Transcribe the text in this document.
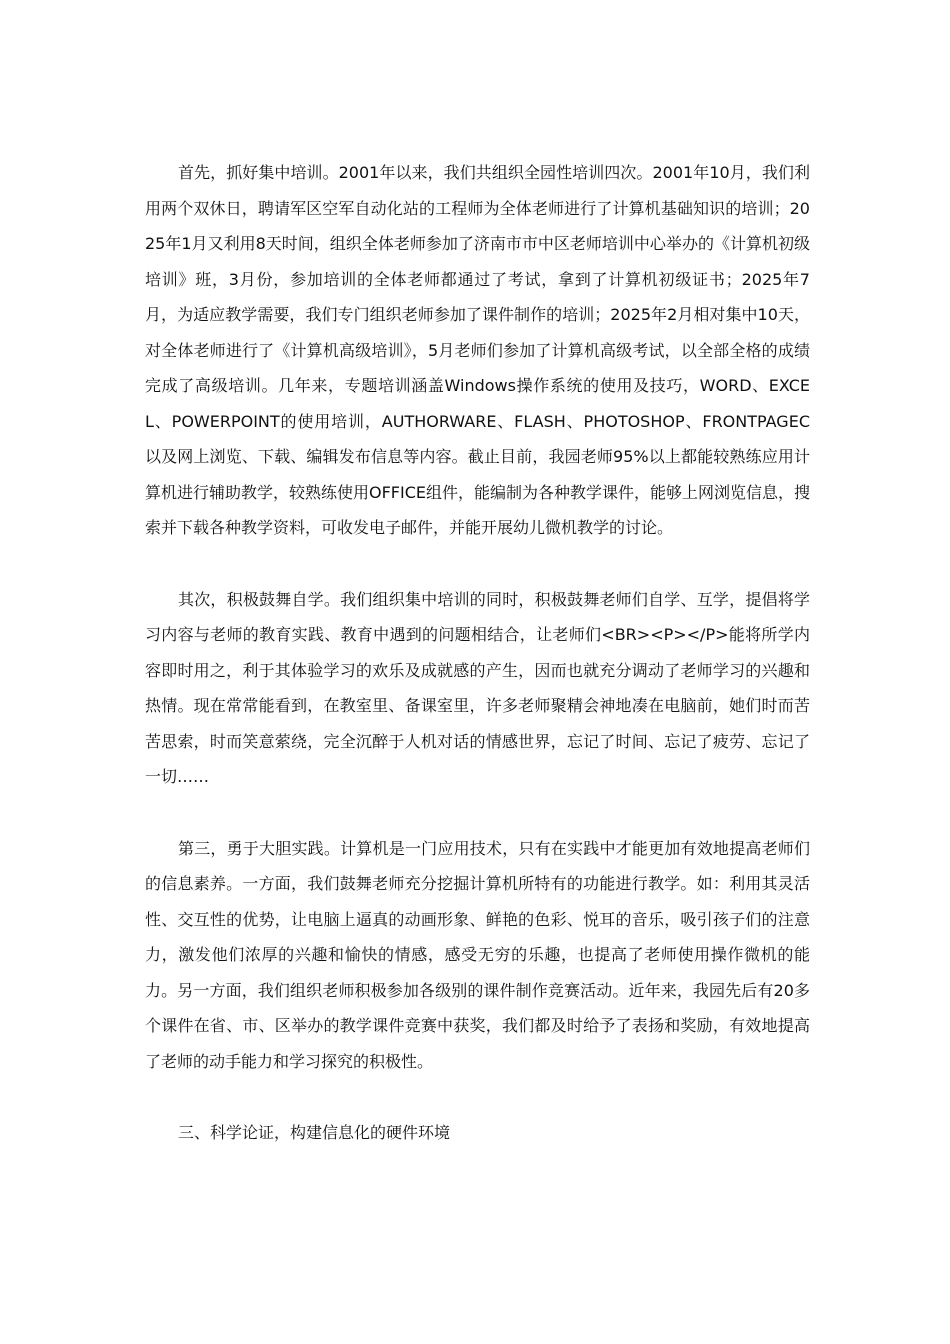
首先，抓好集中培训。2001年以来，我们共组织全园性培训四次。2001年10月，我们利用两个双休日，聘请军区空军自动化站的工程师为全体老师进行了计算机基础知识的培训；2025年1月又利用8天时间，组织全体老师参加了济南市市中区老师培训中心举办的《计算机初级培训》班，3月份，参加培训的全体老师都通过了考试，拿到了计算机初级证书；2025年7月，为适应教学需要，我们专门组织老师参加了课件制作的培训；2025年2月相对集中10天，对全体老师进行了《计算机高级培训》，5月老师们参加了计算机高级考试，以全部全格的成绩完成了高级培训。几年来，专题培训涵盖Windows操作系统的使用及技巧，WORD、EXCEL、POWERPOINT的使用培训，AUTHORWARE、FLASH、PHOTOSHOP、FRONTPAGEC以及网上浏览、下载、编辑发布信息等内容。截止目前，我园老师95%以上都能较熟练应用计算机进行辅助教学，较熟练使用OFFICE组件，能编制为各种教学课件，能够上网浏览信息，搜索并下载各种教学资料，可收发电子邮件，并能开展幼儿微机教学的讨论。

其次，积极鼓舞自学。我们组织集中培训的同时，积极鼓舞老师们自学、互学，提倡将学习内容与老师的教育实践、教育中遇到的问题相结合，让老师们<BR><P></P>能将所学内容即时用之，利于其体验学习的欢乐及成就感的产生，因而也就充分调动了老师学习的兴趣和热情。现在常常能看到，在教室里、备课室里，许多老师聚精会神地凑在电脑前，她们时而苦苦思索，时而笑意萦绕，完全沉醉于人机对话的情感世界，忘记了时间、忘记了疲劳、忘记了一切……

第三，勇于大胆实践。计算机是一门应用技术，只有在实践中才能更加有效地提高老师们的信息素养。一方面，我们鼓舞老师充分挖掘计算机所特有的功能进行教学。如：利用其灵活性、交互性的优势，让电脑上逼真的动画形象、鲜艳的色彩、悦耳的音乐，吸引孩子们的注意力，激发他们浓厚的兴趣和愉快的情感，感受无穷的乐趣，也提高了老师使用操作微机的能力。另一方面，我们组织老师积极参加各级别的课件制作竞赛活动。近年来，我园先后有20多个课件在省、市、区举办的教学课件竞赛中获奖，我们都及时给予了表扬和奖励，有效地提高了老师的动手能力和学习探究的积极性。

三、科学论证，构建信息化的硬件环境
